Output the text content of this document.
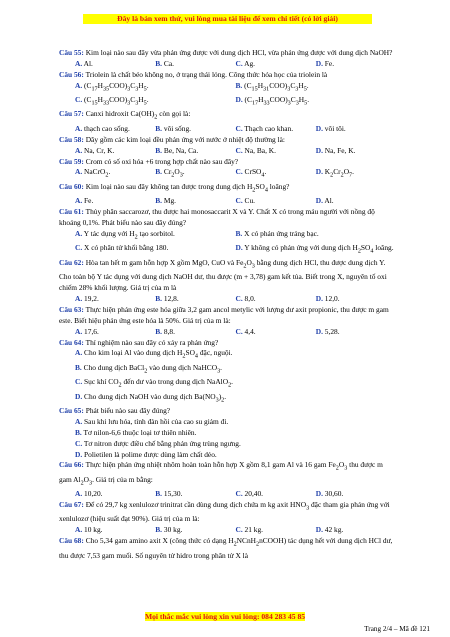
Đây là bản xem thử, vui lòng mua tài liệu để xem chi tiết (có lời giải)
Câu 55: Kim loại nào sau đây vừa phản ứng được với dung dịch HCl, vừa phản ứng được với dung dịch NaOH?
A. Al.	B. Ca.	C. Ag.	D. Fe.
Câu 56: Triolein là chất béo không no, ở trạng thái lỏng. Công thức hóa học của triolein là
A. $(C_{17}H_{35}COO)_3C_3H_5$.	B. $(C_{15}H_{31}COO)_3C_3H_5$.
C. $(C_{15}H_{33}COO)_3C_3H_5$.	D. $(C_{17}H_{33}COO)_3C_3H_5$.
Câu 57: Canxi hidroxit $Ca(OH)_2$ còn gọi là:
A. thạch cao sống.	B. vôi sống.	C. Thạch cao khan.	D. vôi tôi.
Câu 58: Dãy gồm các kim loại đều phản ứng với nước ở nhiệt độ thường là:
A. Na, Cr, K.	B. Be, Na, Ca.	C. Na, Ba, K.	D. Na, Fe, K.
Câu 59: Crom có số oxi hóa +6 trong hợp chất nào sau đây?
A. NaCrO$_2$.	B. $Cr_2O_3$.	C. CrSO$_4$.	D. $K_2Cr_2O_7$.
Câu 60: Kim loại nào sau đây không tan được trong dung dịch $H_2SO_4$ loãng?
A. Fe.	B. Mg.	C. Cu.	D. Al.
Câu 61: Thủy phân saccarozơ, thu được hai monosaccarit X và Y. Chất X có trong máu người với nồng độ khoảng 0,1%. Phát biểu nào sau đây đúng?
A. Y tác dụng với $H_2$ tạo sorbitol.	B. X có phản ứng tráng bạc.
C. X có phân tử khối bằng 180.	D. Y không có phản ứng với dung dịch $H_2SO_4$ loãng.
Câu 62: Hòa tan hết m gam hỗn hợp X gồm MgO, CuO và $Fe_2O_3$ bằng dung dịch HCl, thu được dung dịch Y. Cho toàn bộ Y tác dụng với dung dịch NaOH dư, thu được (m + 3,78) gam kết tủa. Biết trong X, nguyên tố oxi chiếm 28% khối lượng. Giá trị của m là
A. 19,2.	B. 12,8.	C. 8,0.	D. 12,0.
Câu 63: Thực hiện phản ứng este hóa giữa 3,2 gam ancol metylic với lượng dư axit propionic, thu được m gam este. Biết hiệu phản ứng este hóa là 50%. Giá trị của m là:
A. 17,6.	B. 8,8.	C. 4,4.	D. 5,28.
Câu 64: Thí nghiệm nào sau đây có xảy ra phản ứng?
A. Cho kim loại Al vào dung dịch $H_2SO_4$ đặc, nguội.
B. Cho dung dịch BaCl$_2$ vào dung dịch NaHCO$_3$.
C. Sục khí $CO_2$ đến dư vào trong dung dịch NaAlO$_2$.
D. Cho dung dịch NaOH vào dung dịch $Ba(NO_3)_2$.
Câu 65: Phát biểu nào sau đây đúng?
A. Sau khi lưu hóa, tính đàn hồi của cao su giảm đi.
B. Tơ nilon-6,6 thuộc loại tơ thiên nhiên.
C. Tơ nitron được điều chế bằng phản ứng trùng ngưng.
D. Polietilen là polime được dùng làm chất dẻo.
Câu 66: Thực hiện phản ứng nhiệt nhôm hoàn toàn hỗn hợp X gồm 8,1 gam Al và 16 gam $Fe_2O_3$ thu được m gam $Al_2O_3$. Giá trị của m bằng:
A. 10,20.	B. 15,30.	C. 20,40.	D. 30,60.
Câu 67: Để có 29,7 kg xenlulozơ trinitrat cần dùng dung dịch chứa m kg axit $HNO_3$ đặc tham gia phản ứng với xenlulozơ (hiệu suất đạt 90%). Giá trị của m là:
A. 10 kg.	B. 30 kg.	C. 21 kg.	D. 42 kg.
Câu 68: Cho 5,34 gam amino axit X (công thức có dạng $H_2NCnH_2nCOOH$) tác dụng hết với dung dịch HCl dư, thu được 7,53 gam muối. Số nguyên tử hidro trong phân tử X là
Mọi thắc mắc vui lòng xin vui lòng: 084 283 45 85
Trang 2/4 – Mã đề 121
